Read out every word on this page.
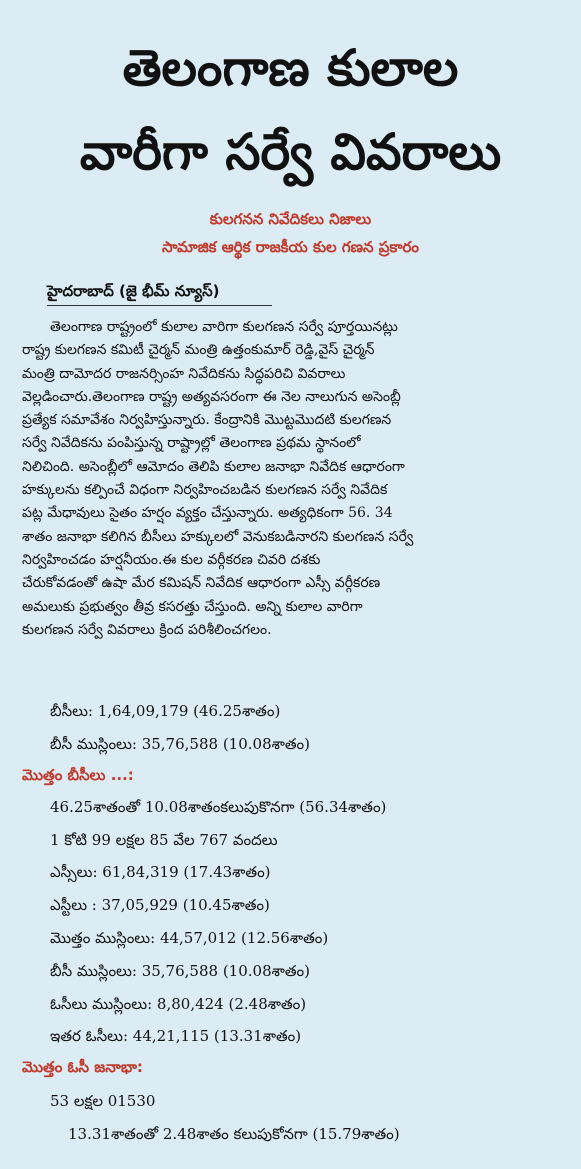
తెలంగాణ కులాల
వారీగా సర్వే వివరాలు
కులగనన నివేదికలు నిజాలు
సామాజిక ఆర్థిక రాజకీయ కుల గణన ప్రకారం
హైదరాబాద్ (జై భీమ్ న్యూస్)
తెలంగాణ రాష్ట్రంలో కులాల వారిగా కులగణన సర్వే పూర్తయినట్లు
రాష్ట్ర కులగణన కమిటీ చైర్మన్ మంత్రి ఉత్తంకుమార్ రెడ్డి,వైస్ చైర్మన్
మంత్రి దామోదర రాజనర్సింహ నివేదికను సిద్ధపరిచి వివరాలు
వెల్లడించారు.తెలంగాణ రాష్ట్ర అత్యవసరంగా ఈ నెల నాలుగున అసెంబ్లీ
ప్రత్యేక సమావేశం నిర్వహిస్తున్నారు. కేంద్రానికి మొట్టమొదటి కులగణన
సర్వే నివేదికను పంపిస్తున్న రాష్ట్రాల్లో తెలంగాణ ప్రథమ స్థానంలో
నిలిచింది. అసెంబ్లీలో ఆమోదం తెలిపి కులాల జనాభా నివేదిక ఆధారంగా
హక్కులను కల్పించే విధంగా నిర్వహించబడిన కులగణన సర్వే నివేదిక
పట్ల మేధావులు సైతం హర్షం వ్యక్తం చేస్తున్నారు. అత్యధికంగా 56. 34
శాతం జనాభా కలిగిన బీసీలు హక్కులలో వెనుకబడినారని కులగణన సర్వే
నిర్వహించడం హర్షనీయం.ఈ కుల వర్గీకరణ చివరి దశకు
చేరుకోవడంతో ఉషా మేర కమిషన్ నివేదిక ఆధారంగా ఎస్సీ వర్గీకరణ
అమలుకు ప్రభుత్వం తీవ్ర కసరత్తు చేస్తుంది. అన్ని కులాల వారిగా
కులగణన సర్వే వివరాలు క్రింద పరిశీలించగలం.
బీసీలు: 1,64,09,179 (46.25శాతం)
బీసీ ముస్లింలు: 35,76,588 (10.08శాతం)
మొత్తం బీసీలు ...:
46.25శాతంతో 10.08శాతంకలుపుకొనగా (56.34శాతం)
1 కోటి 99 లక్షల 85 వేల 767 వందలు
ఎస్సీలు: 61,84,319 (17.43శాతం)
ఎస్టీలు : 37,05,929 (10.45శాతం)
మొత్తం ముస్లింలు: 44,57,012 (12.56శాతం)
బీసీ ముస్లింలు: 35,76,588 (10.08శాతం)
ఓసీలు ముస్లింలు: 8,80,424 (2.48శాతం)
ఇతర ఓసీలు: 44,21,115 (13.31శాతం)
మొత్తం ఓసీ జనాభా:
53 లక్షల 01530
13.31శాతంతో 2.48శాతం కలుపుకోనగా (15.79శాతం)
